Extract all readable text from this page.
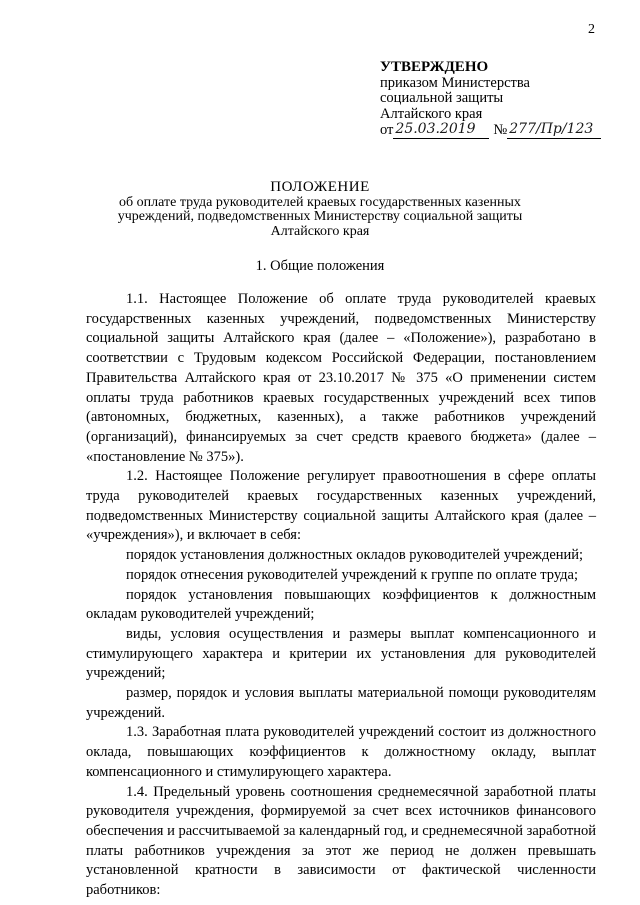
2
УТВЕРЖДЕНО
приказом Министерства
социальной защиты
Алтайского края
от 25.03.2019	№ 277/Пр/123
ПОЛОЖЕНИЕ
об оплате труда руководителей краевых государственных казенных учреждений, подведомственных Министерству социальной защиты Алтайского края
1. Общие положения

1.1. Настоящее Положение об оплате труда руководителей краевых государственных казенных учреждений, подведомственных Министерству социальной защиты Алтайского края (далее – «Положение»), разработано в соответствии с Трудовым кодексом Российской Федерации, постановлением Правительства Алтайского края от 23.10.2017 № 375 «О применении систем оплаты труда работников краевых государственных учреждений всех типов (автономных, бюджетных, казенных), а также работников учреждений (организаций), финансируемых за счет средств краевого бюджета» (далее – «постановление № 375»).

1.2. Настоящее Положение регулирует правоотношения в сфере оплаты труда руководителей краевых государственных казенных учреждений, подведомственных Министерству социальной защиты Алтайского края (далее – «учреждения»), и включает в себя:

порядок установления должностных окладов руководителей учреждений;

порядок отнесения руководителей учреждений к группе по оплате труда;

порядок установления повышающих коэффициентов к должностным окладам руководителей учреждений;

виды, условия осуществления и размеры выплат компенсационного и стимулирующего характера и критерии их установления для руководителей учреждений;

размер, порядок и условия выплаты материальной помощи руководителям учреждений.

1.3. Заработная плата руководителей учреждений состоит из должностного оклада, повышающих коэффициентов к должностному окладу, выплат компенсационного и стимулирующего характера.

1.4. Предельный уровень соотношения среднемесячной заработной платы руководителя учреждения, формируемой за счет всех источников финансового обеспечения и рассчитываемой за календарный год, и среднемесячной заработной платы работников учреждения за этот же период не должен превышать установленной кратности в зависимости от фактической численности работников:
